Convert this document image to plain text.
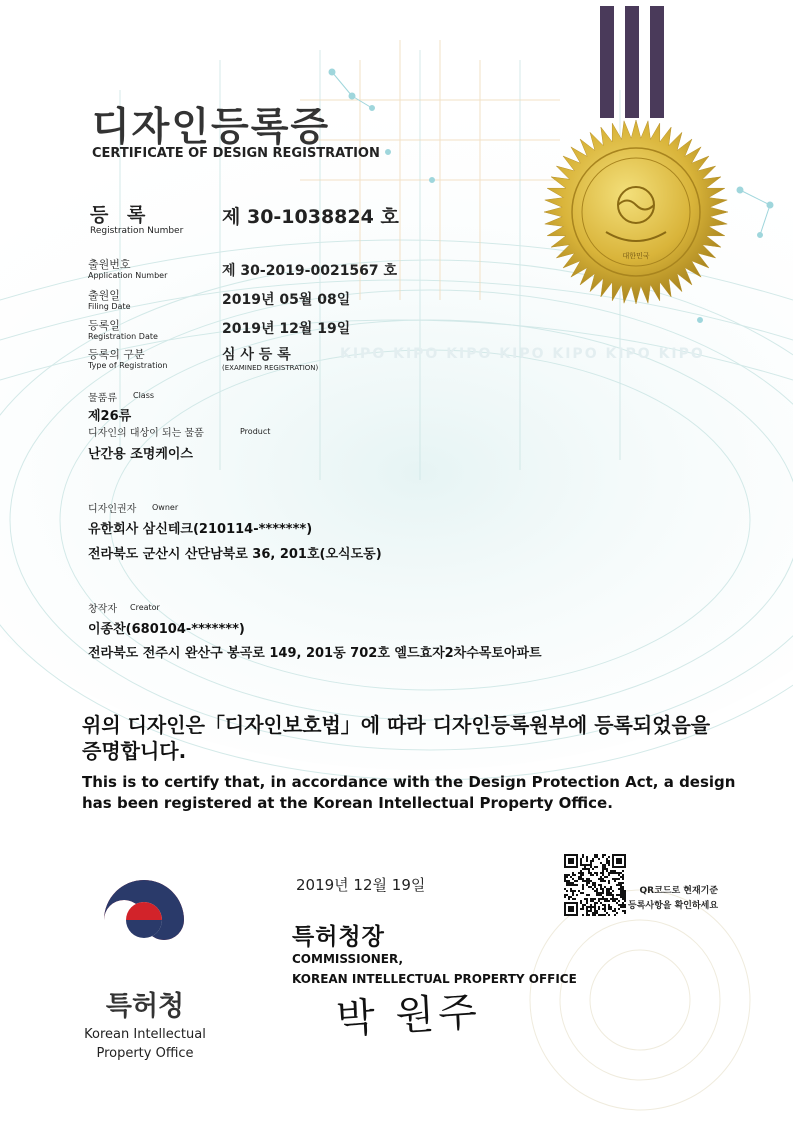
대한민국
KIPO KIPO KIPO KIPO KIPO KIPO KIPO
디자인등록증
CERTIFICATE OF DESIGN REGISTRATION
등 록
Registration Number
제 30-1038824 호
출원번호
Application Number	제 30-2019-0021567 호
출원일
Filing Date	2019년 05월 08일
등록일
Registration Date	2019년 12월 19일
등록의 구분
Type of Registration
심 사 등 록
(EXAMINED REGISTRATION)
물품류 Class
제26류
디자인의 대상이 되는 물품	Product
난간용 조명케이스
디자인권자 Owner
유한회사 삼신테크(210114-*******)
전라북도 군산시 산단남북로 36, 201호(오식도동)
창작자 Creator
이종찬(680104-*******)
전라북도 전주시 완산구 봉곡로 149, 201동 702호 엘드효자2차수목토아파트
위의 디자인은「디자인보호법」에 따라 디자인등록원부에 등록되었음을
증명합니다.
This is to certify that, in accordance with the Design Protection Act, a design
has been registered at the Korean Intellectual Property Office.
2019년 12월 19일	QR코드로 현재기준
등록사항을 확인하세요
특허청장
COMMISSIONER,
KOREAN INTELLECTUAL PROPERTY OFFICE
박 원주
특허청
Korean Intellectual
Property Office
